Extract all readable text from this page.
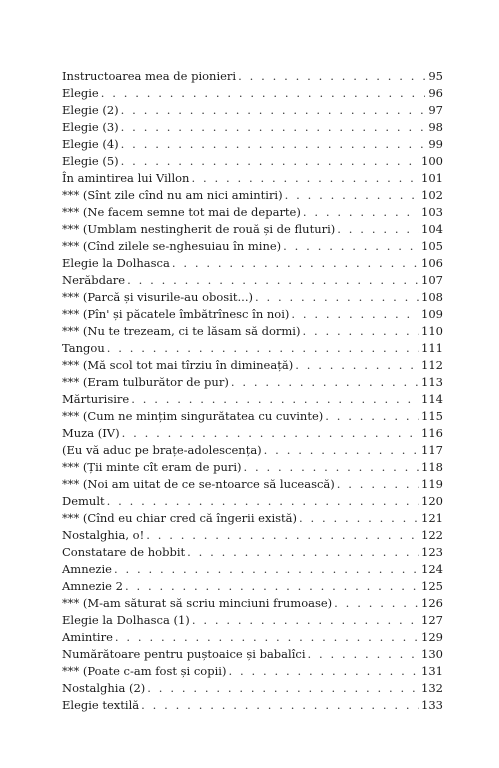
Instructoarea mea de pionieri . . .	95
Elegie . . .	96
Elegie (2) . . .	97
Elegie (3) . . .	98
Elegie (4) . . .	99
Elegie (5) . . .	100
În amintirea lui Villon . . .	101
*** (Sînt zile cînd nu am nici amintiri) . . .	102
*** (Ne facem semne tot mai de departe) . . .	103
*** (Umblam nestingherit de rouă și de fluturi) . . .	104
*** (Cînd zilele se-nghesuiau în mine) . . .	105
Elegie la Dolhasca . . .	106
Nerăbdare . . .	107
*** (Parcă și visurile-au obosit...) . . .	108
*** (Pîn' și păcatele îmbătrînesc în noi) . . .	109
*** (Nu te trezeam, ci te lăsam să dormi) . . .	110
Tangou . . .	111
*** (Mă scol tot mai tîrziu în dimineață) . . .	112
*** (Eram tulburător de pur) . . .	113
Mărturisire . . .	114
*** (Cum ne mințim singurătatea cu cuvinte) . . .	115
Muza (IV) . . .	116
(Eu vă aduc pe brațe-adolescența) . . .	117
*** (Ții minte cît eram de puri) . . .	118
*** (Noi am uitat de ce se-ntoarce să lucească) . . .	119
Demult . . .	120
*** (Cînd eu chiar cred că îngerii există) . . .	121
Nostalghia, o! . . .	122
Constatare de hobbit . . .	123
Amnezie . . .	124
Amnezie 2 . . .	125
*** (M-am săturat să scriu minciuni frumoase) . . .	126
Elegie la Dolhasca (1) . . .	127
Amintire . . .	129
Numărătoare pentru puștoaice și babalîci . . .	130
*** (Poate c-am fost și copii) . . .	131
Nostalghia (2) . . .	132
Elegie textilă . . .	133
